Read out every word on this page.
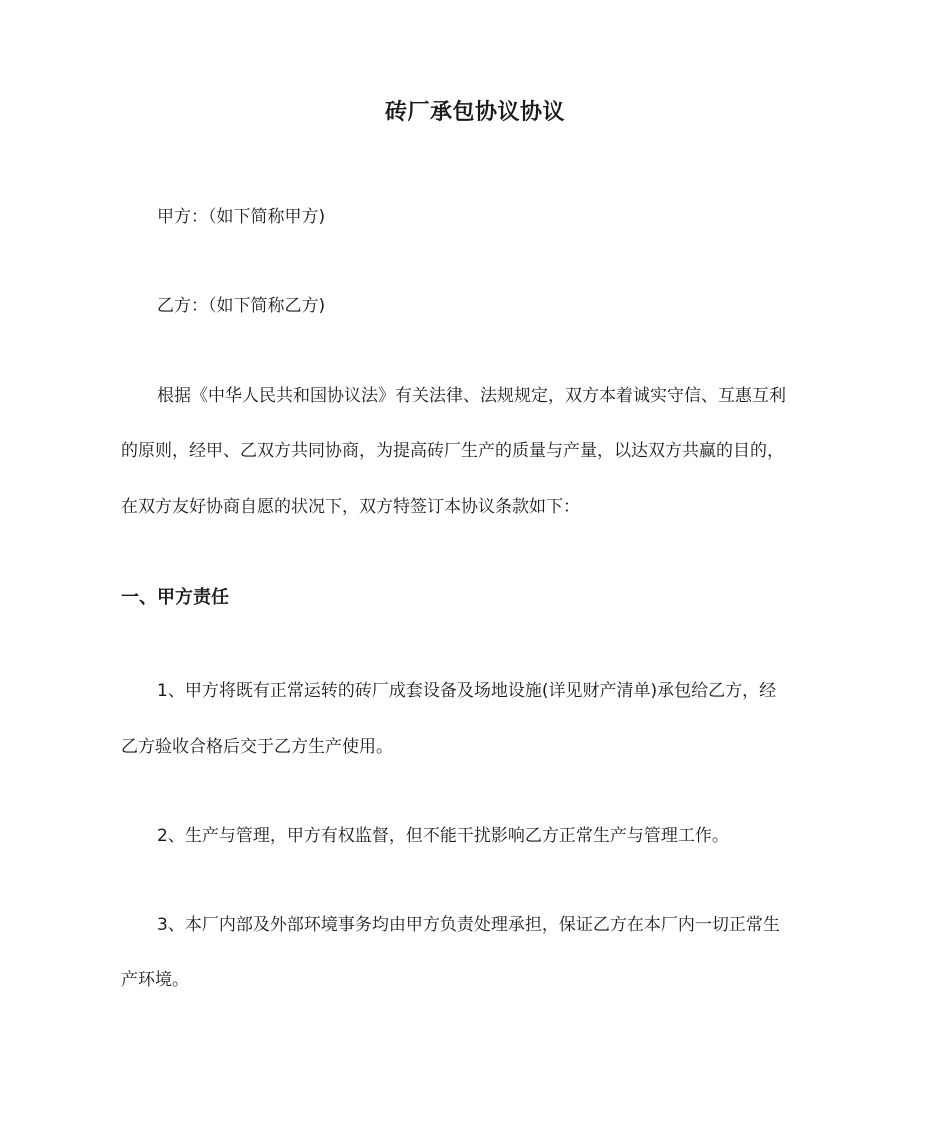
砖厂承包协议协议
甲方：（如下简称甲方)
乙方：（如下简称乙方)
根据《中华人民共和国协议法》有关法律、法规规定，双方本着诚实守信、互惠互利
的原则，经甲、乙双方共同协商，为提高砖厂生产的质量与产量，以达双方共赢的目的，
在双方友好协商自愿的状况下，双方特签订本协议条款如下：
一、甲方责任
1、甲方将既有正常运转的砖厂成套设备及场地设施(详见财产清单)承包给乙方，经
乙方验收合格后交于乙方生产使用。
2、生产与管理，甲方有权监督，但不能干扰影响乙方正常生产与管理工作。
3、本厂内部及外部环境事务均由甲方负责处理承担，保证乙方在本厂内一切正常生
产环境。
